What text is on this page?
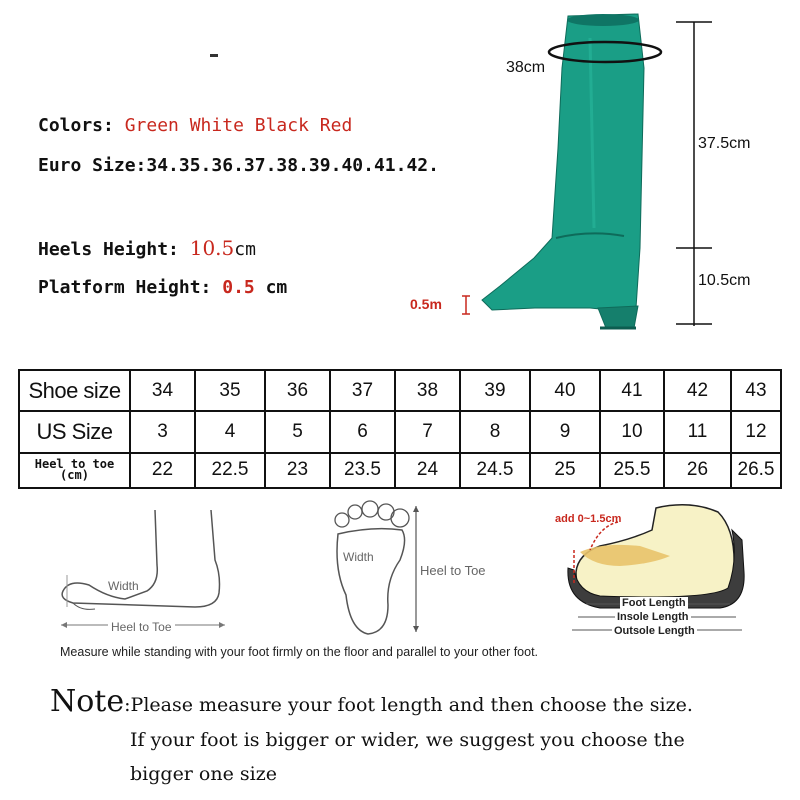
Colors: Green White Black Red
Euro Size:34.35.36.37.38.39.40.41.42.
Heels Height: 10.5cm
Platform Height: 0.5 cm
38cm
37.5cm
10.5cm
0.5m
Shoe size	34	35	36	37	38	39	40	41	42	43
US Size	3	4	5	6	7	8	9	10	11	12

Heel to toe
(cm)	22	22.5	23	23.5	24	24.5	25	25.5	26	26.5
Width
Heel to Toe
Width
Heel to Toe
add 0~1.5cm
Foot Length
Insole Length
Outsole Length
Measure while standing with your foot firmly on the floor and parallel to your other foot.
Note:Please measure your foot length and then choose the size.
If your foot is bigger or wider, we suggest you choose the
bigger one size
